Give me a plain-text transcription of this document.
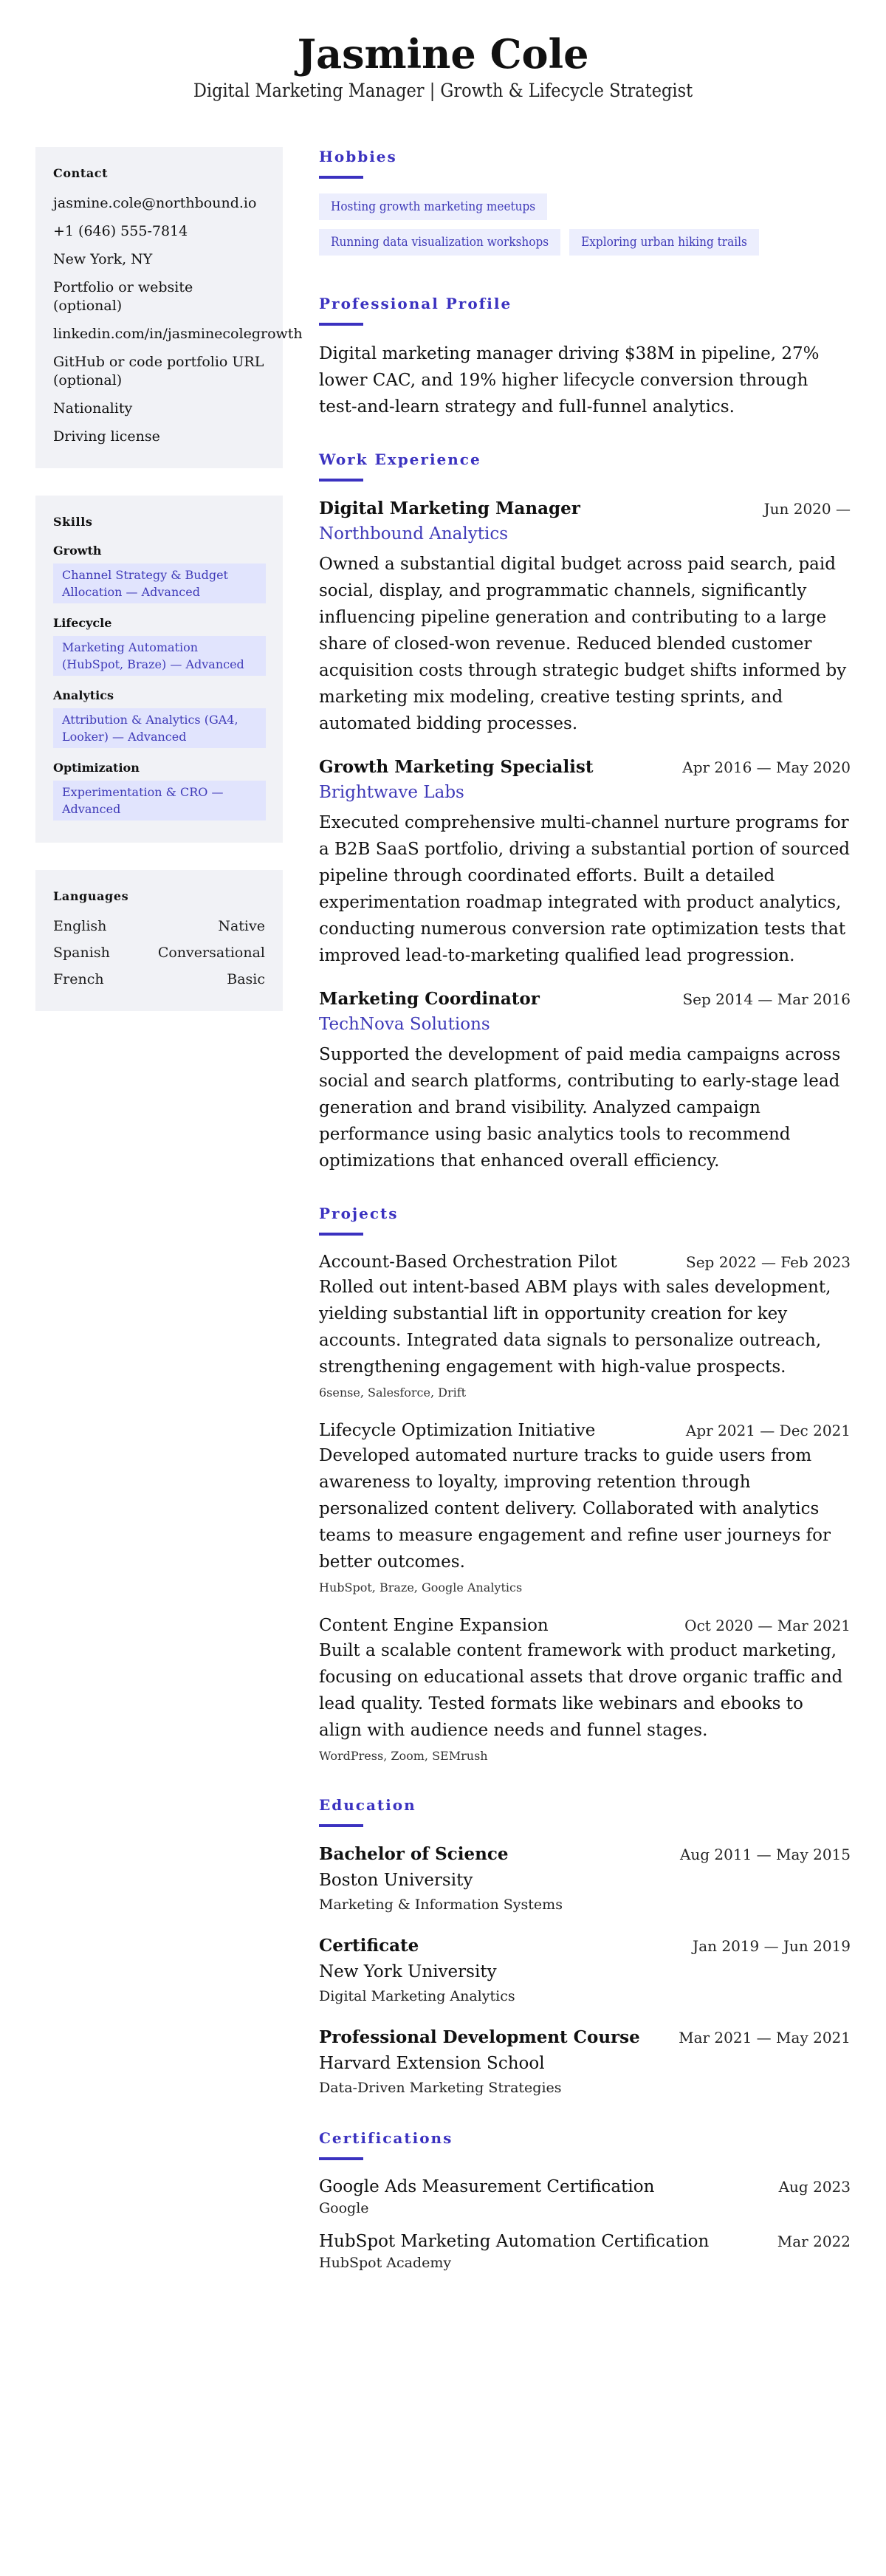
Jasmine Cole
Digital Marketing Manager | Growth & Lifecycle Strategist
Contact
jasmine.cole@northbound.io
+1 (646) 555-7814
New York, NY
Portfolio or website (optional)
linkedin.com/in/jasminecolegrowth
GitHub or code portfolio URL (optional)
Nationality
Driving license
Skills
Growth
Channel Strategy & Budget Allocation — Advanced
Lifecycle
Marketing Automation (HubSpot, Braze) — Advanced
Analytics
Attribution & Analytics (GA4, Looker) — Advanced
Optimization
Experimentation & CRO — Advanced
Languages
English	Native
Spanish	Conversational
French	Basic
Hobbies
Hosting growth marketing meetups
Running data visualization workshops	Exploring urban hiking trails
Professional Profile

Digital marketing manager driving $38M in pipeline, 27% lower CAC, and 19% higher lifecycle conversion through test-and-learn strategy and full-funnel analytics.

Work Experience
Digital Marketing Manager	Jun 2020 —
Northbound Analytics

Owned a substantial digital budget across paid search, paid social, display, and programmatic channels, significantly influencing pipeline generation and contributing to a large share of closed-won revenue. Reduced blended customer acquisition costs through strategic budget shifts informed by marketing mix modeling, creative testing sprints, and automated bidding processes.

Growth Marketing Specialist	Apr 2016 — May 2020
Brightwave Labs

Executed comprehensive multi-channel nurture programs for a B2B SaaS portfolio, driving a substantial portion of sourced pipeline through coordinated efforts. Built a detailed experimentation roadmap integrated with product analytics, conducting numerous conversion rate optimization tests that improved lead-to-marketing qualified lead progression.

Marketing Coordinator	Sep 2014 — Mar 2016
TechNova Solutions

Supported the development of paid media campaigns across social and search platforms, contributing to early-stage lead generation and brand visibility. Analyzed campaign performance using basic analytics tools to recommend optimizations that enhanced overall efficiency.

Projects
Account-Based Orchestration Pilot	Sep 2022 — Feb 2023

Rolled out intent-based ABM plays with sales development, yielding substantial lift in opportunity creation for key accounts. Integrated data signals to personalize outreach, strengthening engagement with high-value prospects.

6sense, Salesforce, Drift
Lifecycle Optimization Initiative	Apr 2021 — Dec 2021

Developed automated nurture tracks to guide users from awareness to loyalty, improving retention through personalized content delivery. Collaborated with analytics teams to measure engagement and refine user journeys for better outcomes.

HubSpot, Braze, Google Analytics
Content Engine Expansion	Oct 2020 — Mar 2021

Built a scalable content framework with product marketing, focusing on educational assets that drove organic traffic and lead quality. Tested formats like webinars and ebooks to align with audience needs and funnel stages.

WordPress, Zoom, SEMrush
Education
Bachelor of Science	Aug 2011 — May 2015
Boston University
Marketing & Information Systems
Certificate	Jan 2019 — Jun 2019
New York University
Digital Marketing Analytics
Professional Development Course	Mar 2021 — May 2021
Harvard Extension School
Data-Driven Marketing Strategies
Certifications
Google Ads Measurement Certification	Aug 2023
Google
HubSpot Marketing Automation Certification	Mar 2022
HubSpot Academy
